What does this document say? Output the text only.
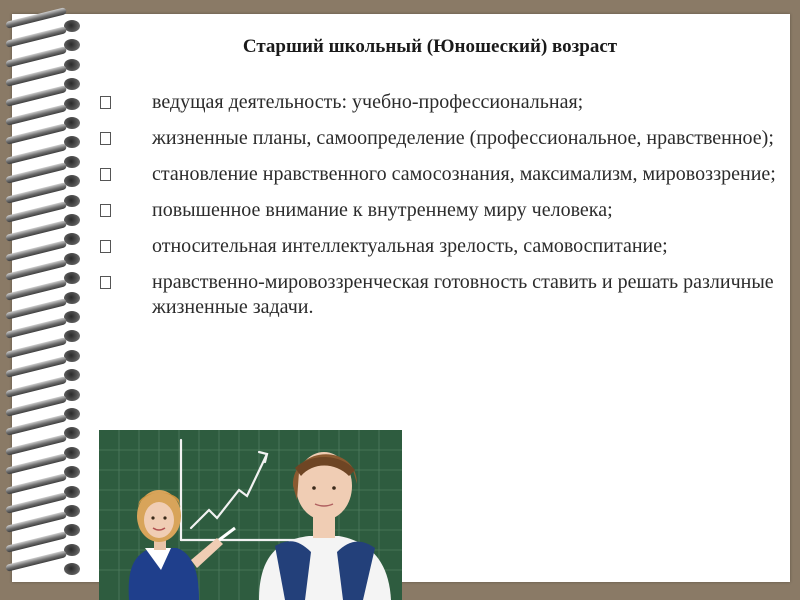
Старший школьный (Юношеский) возраст
ведущая деятельность: учебно-профессиональная;
жизненные планы, самоопределение (профессиональное, нравственное);
становление нравственного самосознания, максимализм, мировоззрение;
повышенное внимание к внутреннему миру человека;
относительная интеллектуальная зрелость, самовоспитание;
нравственно-мировоззренческая готовность ставить и решать различные жизненные задачи.
